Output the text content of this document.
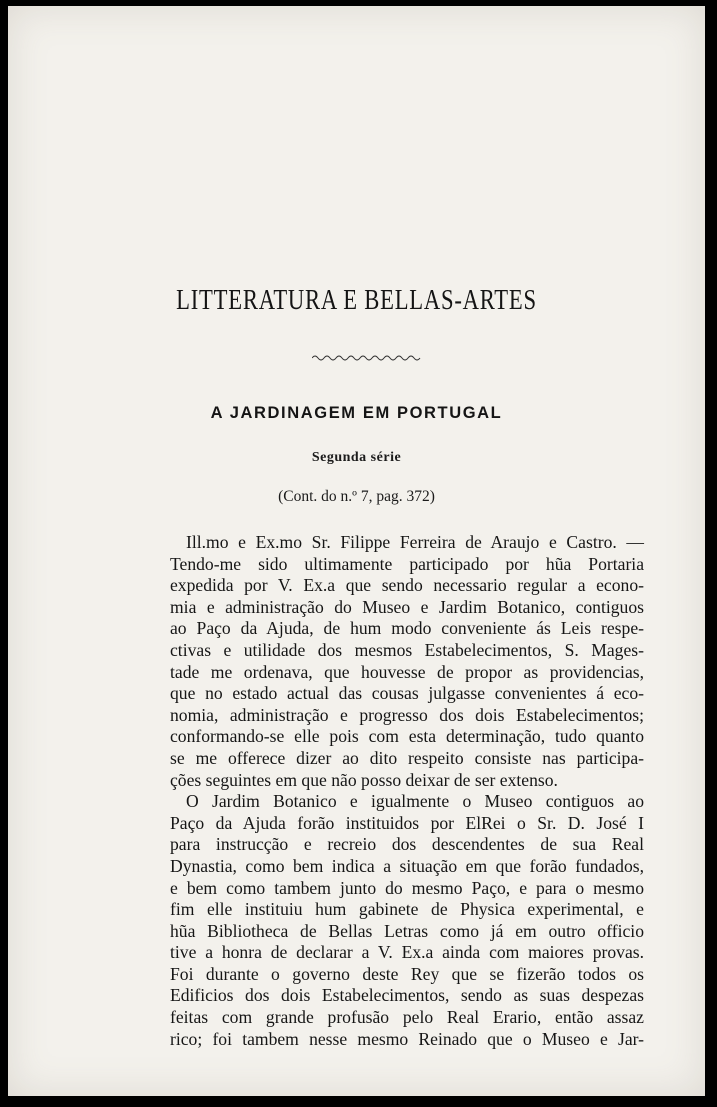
LITTERATURA E BELLAS-ARTES
A JARDINAGEM EM PORTUGAL
Segunda série
(Cont. do n.º 7, pag. 372)
Ill.mo e Ex.mo Sr. Filippe Ferreira de Araujo e Castro. —
Tendo-me sido ultimamente participado por hũa Portaria
expedida por V. Ex.a que sendo necessario regular a econo-
mia e administração do Museo e Jardim Botanico, contiguos
ao Paço da Ajuda, de hum modo conveniente ás Leis respe-
ctivas e utilidade dos mesmos Estabelecimentos, S. Mages-
tade me ordenava, que houvesse de propor as providencias,
que no estado actual das cousas julgasse convenientes á eco-
nomia, administração e progresso dos dois Estabelecimentos;
conformando-se elle pois com esta determinação, tudo quanto
se me offerece dizer ao dito respeito consiste nas participa-
ções seguintes em que não posso deixar de ser extenso.
O Jardim Botanico e igualmente o Museo contiguos ao
Paço da Ajuda forão instituidos por ElRei o Sr. D. José I
para instrucção e recreio dos descendentes de sua Real
Dynastia, como bem indica a situação em que forão fundados,
e bem como tambem junto do mesmo Paço, e para o mesmo
fim elle instituiu hum gabinete de Physica experimental, e
hũa Bibliotheca de Bellas Letras como já em outro officio
tive a honra de declarar a V. Ex.a ainda com maiores provas.
Foi durante o governo deste Rey que se fizerão todos os
Edificios dos dois Estabelecimentos, sendo as suas despezas
feitas com grande profusão pelo Real Erario, então assaz
rico; foi tambem nesse mesmo Reinado que o Museo e Jar-
